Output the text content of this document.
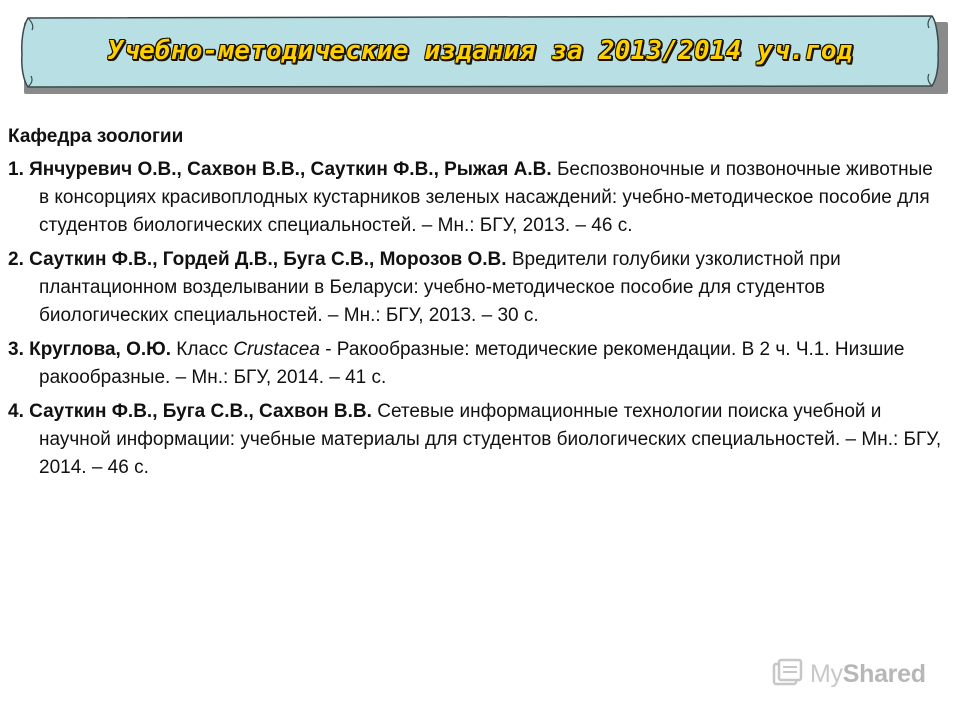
Учебно-методические издания за 2013/2014 уч.год
Кафедра зоологии
1. Янчуревич О.В., Сахвон В.В., Сауткин Ф.В., Рыжая А.В. Беспозвоночные и позвоночные животные в консорциях красивоплодных кустарников зеленых насаждений: учебно-методическое пособие для студентов биологических специальностей. – Мн.: БГУ, 2013. – 46 с.
2. Сауткин Ф.В., Гордей Д.В., Буга С.В., Морозов О.В. Вредители голубики узколистной при плантационном возделывании в Беларуси: учебно-методическое пособие для студентов биологических специальностей. – Мн.: БГУ, 2013. – 30 с.
3. Круглова, О.Ю. Класс Crustacea - Ракообразные: методические рекомендации. В 2 ч. Ч.1. Низшие ракообразные. – Мн.: БГУ, 2014. – 41 с.
4. Сауткин Ф.В., Буга С.В., Сахвон В.В. Сетевые информационные технологии поиска учебной и научной информации: учебные материалы для студентов биологических специальностей. – Мн.: БГУ, 2014. – 46 с.
MyShared
